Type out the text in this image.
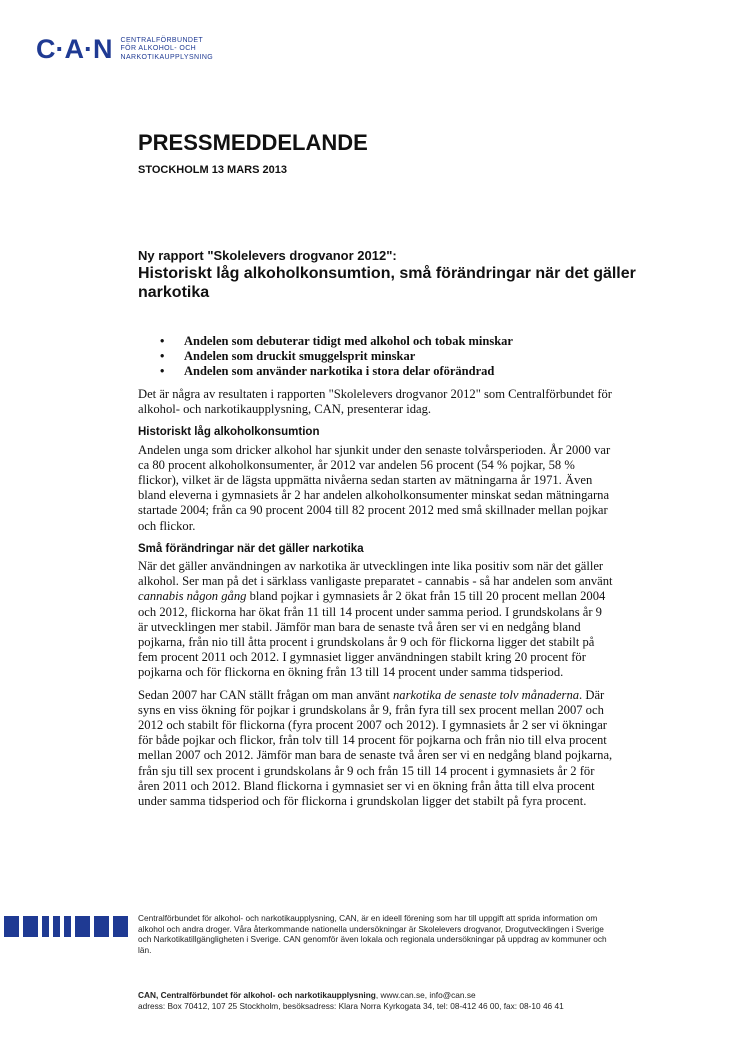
C·A·N CENTRALFÖRBUNDET
FÖR ALKOHOL- OCH
NARKOTIKAUPPLYSNING
PRESSMEDDELANDE
STOCKHOLM 13 MARS 2013
Ny rapport "Skolelevers drogvanor 2012":
Historiskt låg alkoholkonsumtion, små förändringar när det gäller narkotika
• Andelen som debuterar tidigt med alkohol och tobak minskar
• Andelen som druckit smuggelsprit minskar
• Andelen som använder narkotika i stora delar oförändrad

Det är några av resultaten i rapporten "Skolelevers drogvanor 2012" som Centralförbundet för alkohol- och narkotikaupplysning, CAN, presenterar idag.

Historiskt låg alkoholkonsumtion

Andelen unga som dricker alkohol har sjunkit under den senaste tolvårsperioden. År 2000 var ca 80 procent alkoholkonsumenter, år 2012 var andelen 56 procent (54 % pojkar, 58 % flickor), vilket är de lägsta uppmätta nivåerna sedan starten av mätningarna år 1971. Även bland eleverna i gymnasiets år 2 har andelen alkoholkonsumenter minskat sedan mätningarna startade 2004; från ca 90 procent 2004 till 82 procent 2012 med små skillnader mellan pojkar och flickor.

Små förändringar när det gäller narkotika

När det gäller användningen av narkotika är utvecklingen inte lika positiv som när det gäller alkohol. Ser man på det i särklass vanligaste preparatet - cannabis - så har andelen som använt cannabis någon gång bland pojkar i gymnasiets år 2 ökat från 15 till 20 procent mellan 2004 och 2012, flickorna har ökat från 11 till 14 procent under samma period. I grundskolans år 9 är utvecklingen mer stabil. Jämför man bara de senaste två åren ser vi en nedgång bland pojkarna, från nio till åtta procent i grundskolans år 9 och för flickorna ligger det stabilt på fem procent 2011 och 2012. I gymnasiet ligger användningen stabilt kring 20 procent för pojkarna och för flickorna en ökning från 13 till 14 procent under samma tidsperiod.

Sedan 2007 har CAN ställt frågan om man använt narkotika de senaste tolv månaderna. Där syns en viss ökning för pojkar i grundskolans år 9, från fyra till sex procent mellan 2007 och 2012 och stabilt för flickorna (fyra procent 2007 och 2012). I gymnasiets år 2 ser vi ökningar för både pojkar och flickor, från tolv till 14 procent för pojkarna och från nio till elva procent mellan 2007 och 2012. Jämför man bara de senaste två åren ser vi en nedgång bland pojkarna, från sju till sex procent i grundskolans år 9 och från 15 till 14 procent i gymnasiets år 2 för åren 2011 och 2012. Bland flickorna i gymnasiet ser vi en ökning från åtta till elva procent under samma tidsperiod och för flickorna i grundskolan ligger det stabilt på fyra procent.

Centralförbundet för alkohol- och narkotikaupplysning, CAN, är en ideell förening som har till uppgift att sprida information om alkohol och andra droger. Våra återkommande nationella undersökningar är Skolelevers drogvanor, Drogutvecklingen i Sverige och Narkotikatillgängligheten i Sverige. CAN genomför även lokala och regionala undersökningar på uppdrag av kommuner och län.
CAN, Centralförbundet för alkohol- och narkotikaupplysning, www.can.se, info@can.se
adress: Box 70412, 107 25 Stockholm, besöksadress: Klara Norra Kyrkogata 34, tel: 08-412 46 00, fax: 08-10 46 41
